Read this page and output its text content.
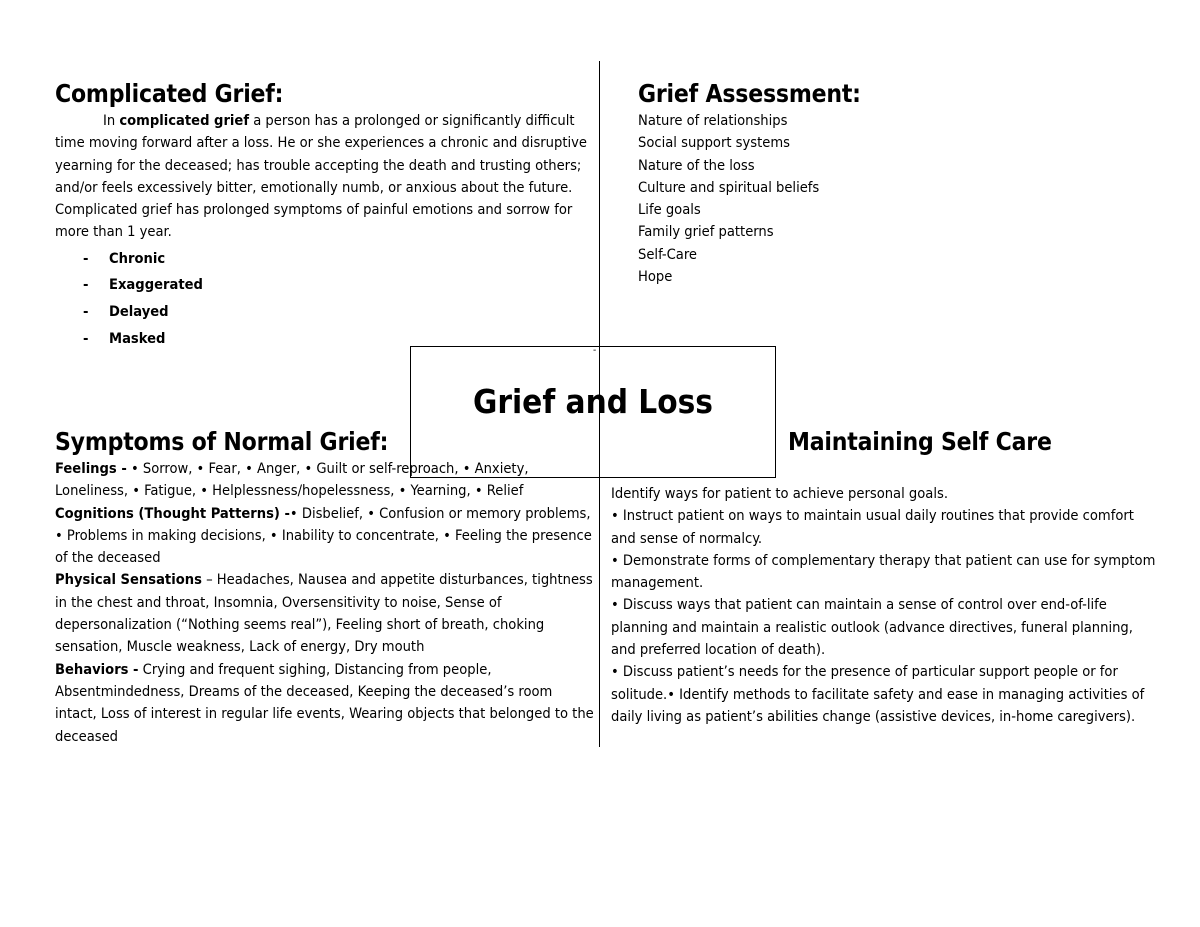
Complicated Grief:
In complicated grief a person has a prolonged or significantly difficult time moving forward after a loss. He or she experiences a chronic and disruptive yearning for the deceased; has trouble accepting the death and trusting others; and/or feels excessively bitter, emotionally numb, or anxious about the future. Complicated grief has prolonged symptoms of painful emotions and sorrow for more than 1 year.
- Chronic
- Exaggerated
- Delayed
- Masked
Grief Assessment:
Nature of relationships
Social support systems
Nature of the loss
Culture and spiritual beliefs
Life goals
Family grief patterns
Self-Care
Hope
Symptoms of Normal Grief:
Feelings - • Sorrow, • Fear, • Anger, • Guilt or self-reproach, • Anxiety, Loneliness, • Fatigue, • Helplessness/hopelessness, • Yearning, • Relief
Cognitions (Thought Patterns) -• Disbelief, • Confusion or memory problems, • Problems in making decisions, • Inability to concentrate, • Feeling the presence of the deceased
Physical Sensations – Headaches, Nausea and appetite disturbances, tightness in the chest and throat, Insomnia, Oversensitivity to noise, Sense of depersonalization (“Nothing seems real”), Feeling short of breath, choking sensation, Muscle weakness, Lack of energy, Dry mouth
Behaviors - Crying and frequent sighing, Distancing from people, Absentmindedness, Dreams of the deceased, Keeping the deceased’s room intact, Loss of interest in regular life events, Wearing objects that belonged to the deceased
Maintaining Self Care
Identify ways for patient to achieve personal goals.
• Instruct patient on ways to maintain usual daily routines that provide comfort and sense of normalcy.
• Demonstrate forms of complementary therapy that patient can use for symptom management.
• Discuss ways that patient can maintain a sense of control over end-of-life planning and maintain a realistic outlook (advance directives, funeral planning, and preferred location of death).
• Discuss patient’s needs for the presence of particular support people or for solitude.• Identify methods to facilitate safety and ease in managing activities of daily living as patient’s abilities change (assistive devices, in-home caregivers).
Grief and Loss
-
